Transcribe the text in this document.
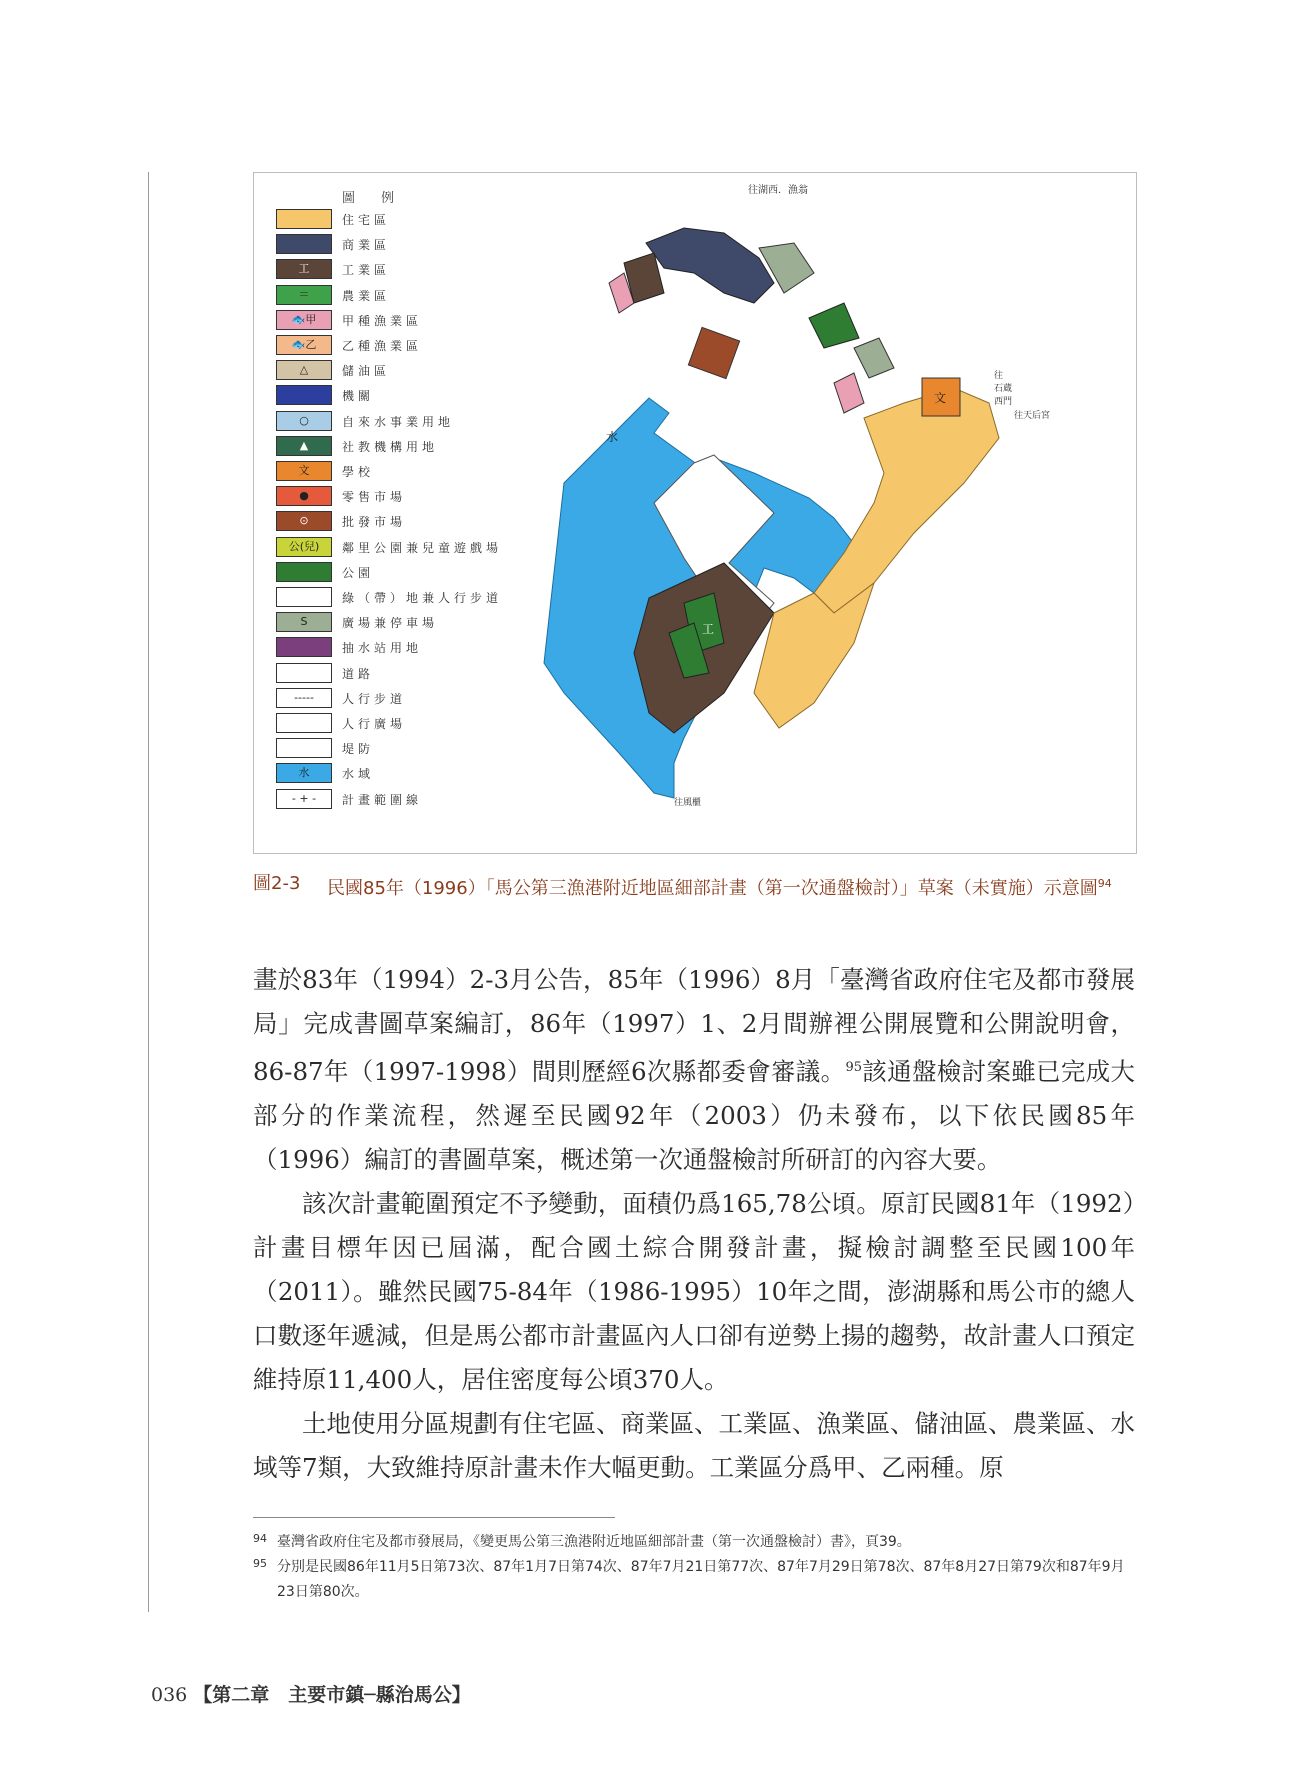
圖　　例
住宅區
商業區
工	工業區
＝	農業區
🐟甲	甲種漁業區
🐟乙	乙種漁業區
△	儲油區
機關
○	自來水事業用地
▲	社教機構用地
文	學校
●	零售市場
⊙	批發市場
公(兒)	鄰里公園兼兒童遊戲場
公園
綠（帶）地兼人行步道
S	廣場兼停車場
抽水站用地
道路
-----	人行步道
人行廣場
堤防
水	水域
- + -	計畫範圍線
水
工
文
往湖西．漁翁
往
石蔵
西門
往天后宮
往風櫃
圖2-3 民國85年（1996）「馬公第三漁港附近地區細部計畫（第一次通盤檢討）」草案（未實施）示意圖$^{94}$

畫於83年（1994）2-3月公告，85年（1996）8月「臺灣省政府住宅及都市發展局」完成書圖草案編訂，86年（1997）1、2月間辦裡公開展覽和公開說明會，86-87年（1997-1998）間則歷經6次縣都委會審議。$^{95}$該通盤檢討案雖已完成大部分的作業流程，然遲至民國92年（2003）仍未發布，以下依民國85年（1996）編訂的書圖草案，概述第一次通盤檢討所研訂的內容大要。

該次計畫範圍預定不予變動，面積仍爲165,78公頃。原訂民國81年（1992）計畫目標年因已屆滿，配合國土綜合開發計畫，擬檢討調整至民國100年（2011）。雖然民國75-84年（1986-1995）10年之間，澎湖縣和馬公市的總人口數逐年遞減，但是馬公都市計畫區內人口卻有逆勢上揚的趨勢，故計畫人口預定維持原11,400人，居住密度每公頃370人。

土地使用分區規劃有住宅區、商業區、工業區、漁業區、儲油區、農業區、水域等7類，大致維持原計畫未作大幅更動。工業區分爲甲、乙兩種。原

94 臺灣省政府住宅及都市發展局，《變更馬公第三漁港附近地區細部計畫（第一次通盤檢討）書》，頁39。
95 分別是民國86年11月5日第73次、87年1月7日第74次、87年7月21日第77次、87年7月29日第78次、87年8月27日第79次和87年9月23日第80次。
036 【第二章　主要市鎮─縣治馬公】
